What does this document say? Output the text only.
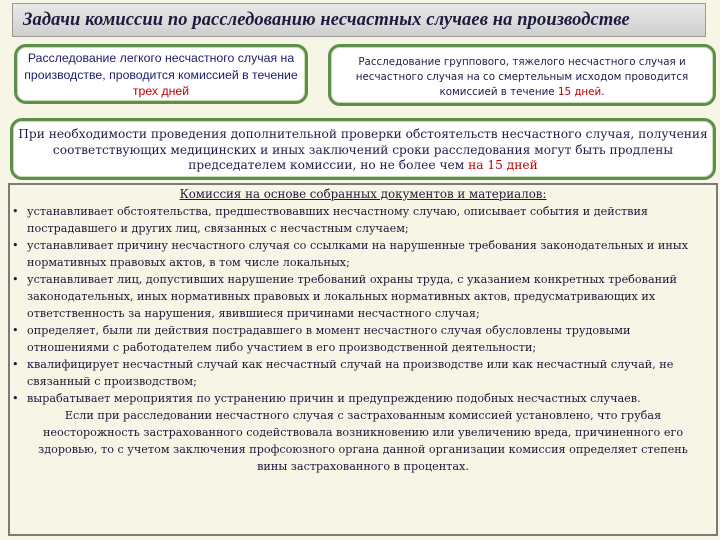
Задачи комиссии по расследованию несчастных случаев на производстве
Расследование легкого несчастного случая на производстве, проводится комиссией в течение трех дней
Расследование группового, тяжелого несчастного случая и несчастного случая на со смертельным исходом проводится комиссией в течение 15 дней.
При необходимости проведения дополнительной проверки обстоятельств несчастного случая, получения соответствующих медицинских и иных заключений сроки расследования могут быть продлены председателем комиссии, но не более чем на 15 дней
Комиссия на основе собранных документов и материалов:
• устанавливает обстоятельства, предшествовавших несчастному случаю, описывает события и действия пострадавшего и других лиц, связанных с несчастным случаем;
• устанавливает причину несчастного случая со ссылками на нарушенные требования законодательных и иных нормативных правовых актов, в том числе локальных;
• устанавливает лиц, допустивших нарушение требований охраны труда, с указанием конкретных требований законодательных, иных нормативных правовых и локальных нормативных актов, предусматривающих их ответственность за нарушения, явившиеся причинами несчастного случая;
• определяет, были ли действия пострадавшего в момент несчастного случая обусловлены трудовыми отношениями с работодателем либо участием в его производственной деятельности;
• квалифицирует несчастный случай как несчастный случай на производстве или как несчастный случай, не связанный с производством;
• вырабатывает мероприятия по устранению причин и предупреждению подобных несчастных случаев.
Если при расследовании несчастного случая с застрахованным комиссией установлено, что грубая неосторожность застрахованного содействовала возникновению или увеличению вреда, причиненного его здоровью, то с учетом заключения профсоюзного органа данной организации комиссия определяет степень вины застрахованного в процентах.
